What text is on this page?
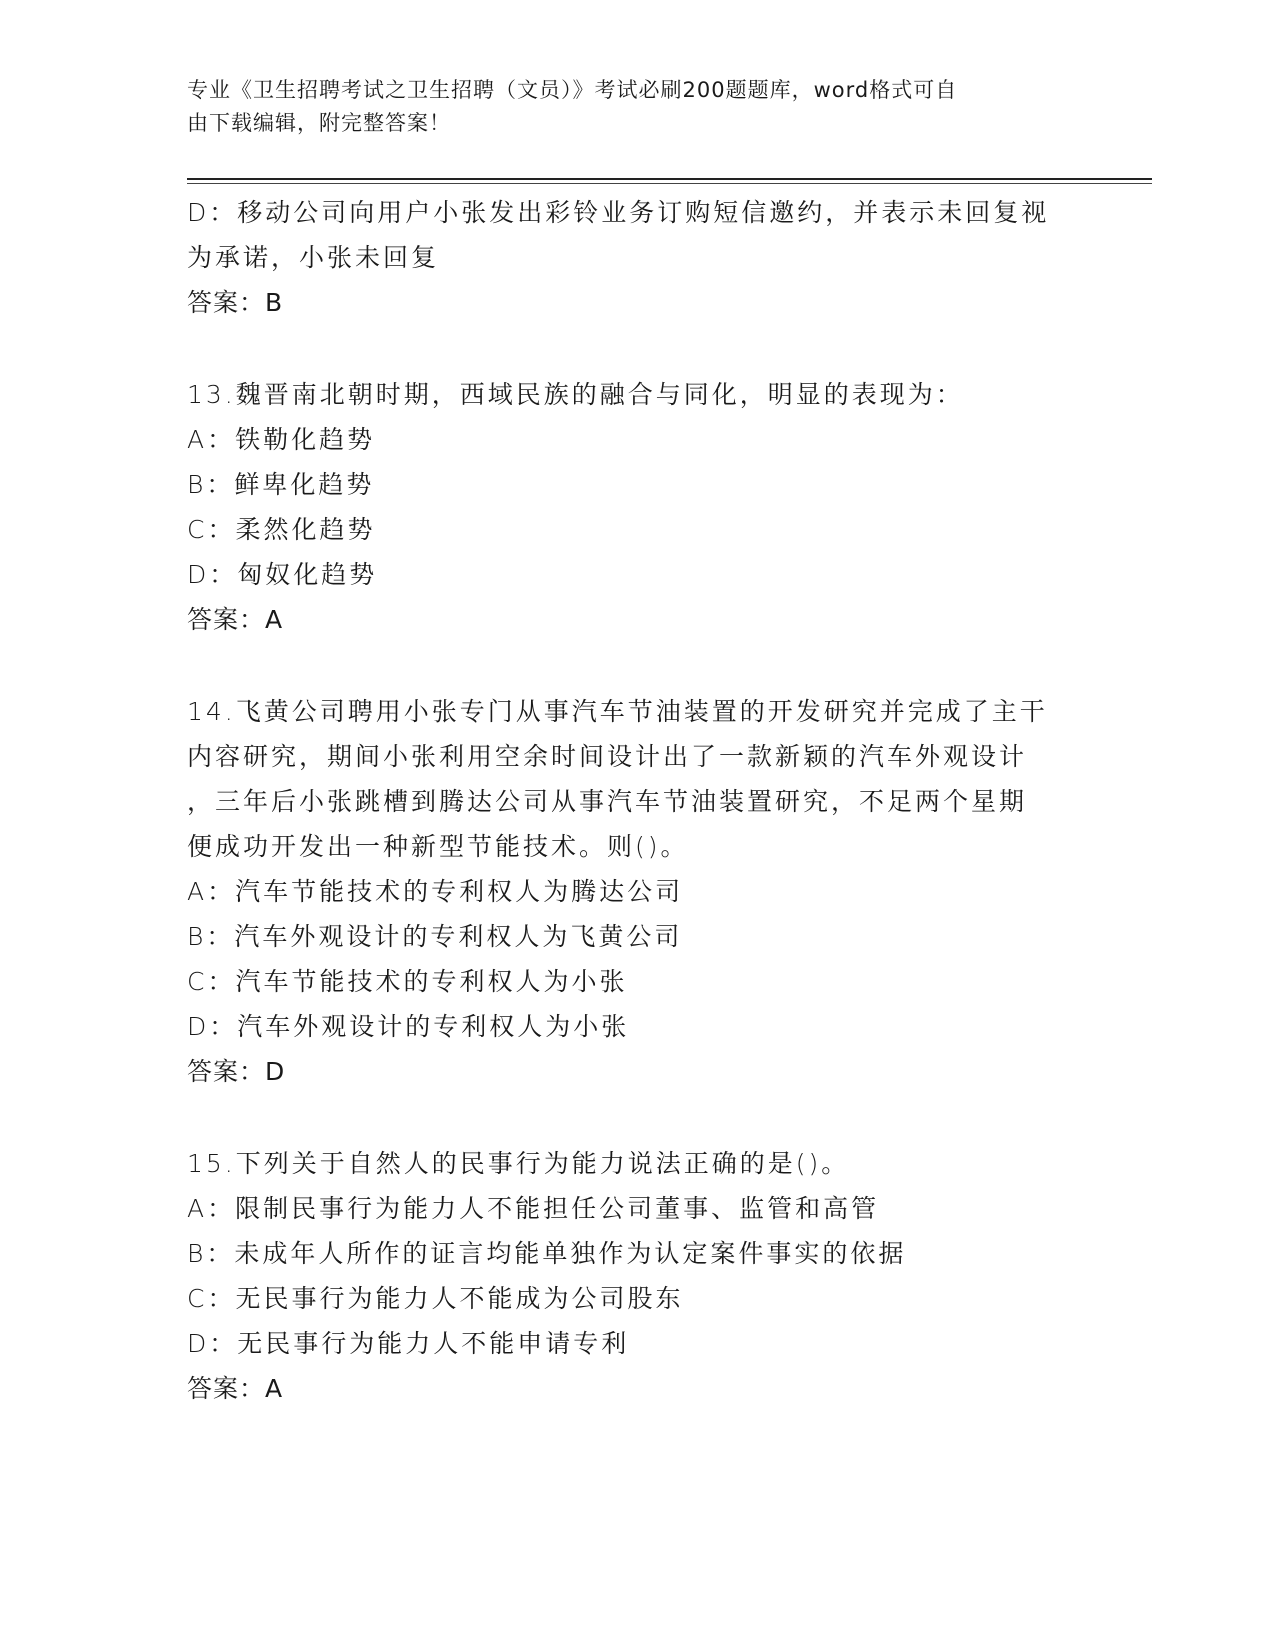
专业《卫生招聘考试之卫生招聘（文员）》考试必刷200题题库，word格式可自
由下载编辑，附完整答案！
D：移动公司向用户小张发出彩铃业务订购短信邀约，并表示未回复视
为承诺，小张未回复
答案：B
13.魏晋南北朝时期，西域民族的融合与同化，明显的表现为：
A：铁勒化趋势
B：鲜卑化趋势
C：柔然化趋势
D：匈奴化趋势
答案：A
14.飞黄公司聘用小张专门从事汽车节油装置的开发研究并完成了主干
内容研究，期间小张利用空余时间设计出了一款新颖的汽车外观设计
，三年后小张跳槽到腾达公司从事汽车节油装置研究，不足两个星期
便成功开发出一种新型节能技术。则()。
A：汽车节能技术的专利权人为腾达公司
B：汽车外观设计的专利权人为飞黄公司
C：汽车节能技术的专利权人为小张
D：汽车外观设计的专利权人为小张
答案：D
15.下列关于自然人的民事行为能力说法正确的是()。
A：限制民事行为能力人不能担任公司董事、监管和高管
B：未成年人所作的证言均能单独作为认定案件事实的依据
C：无民事行为能力人不能成为公司股东
D：无民事行为能力人不能申请专利
答案：A
